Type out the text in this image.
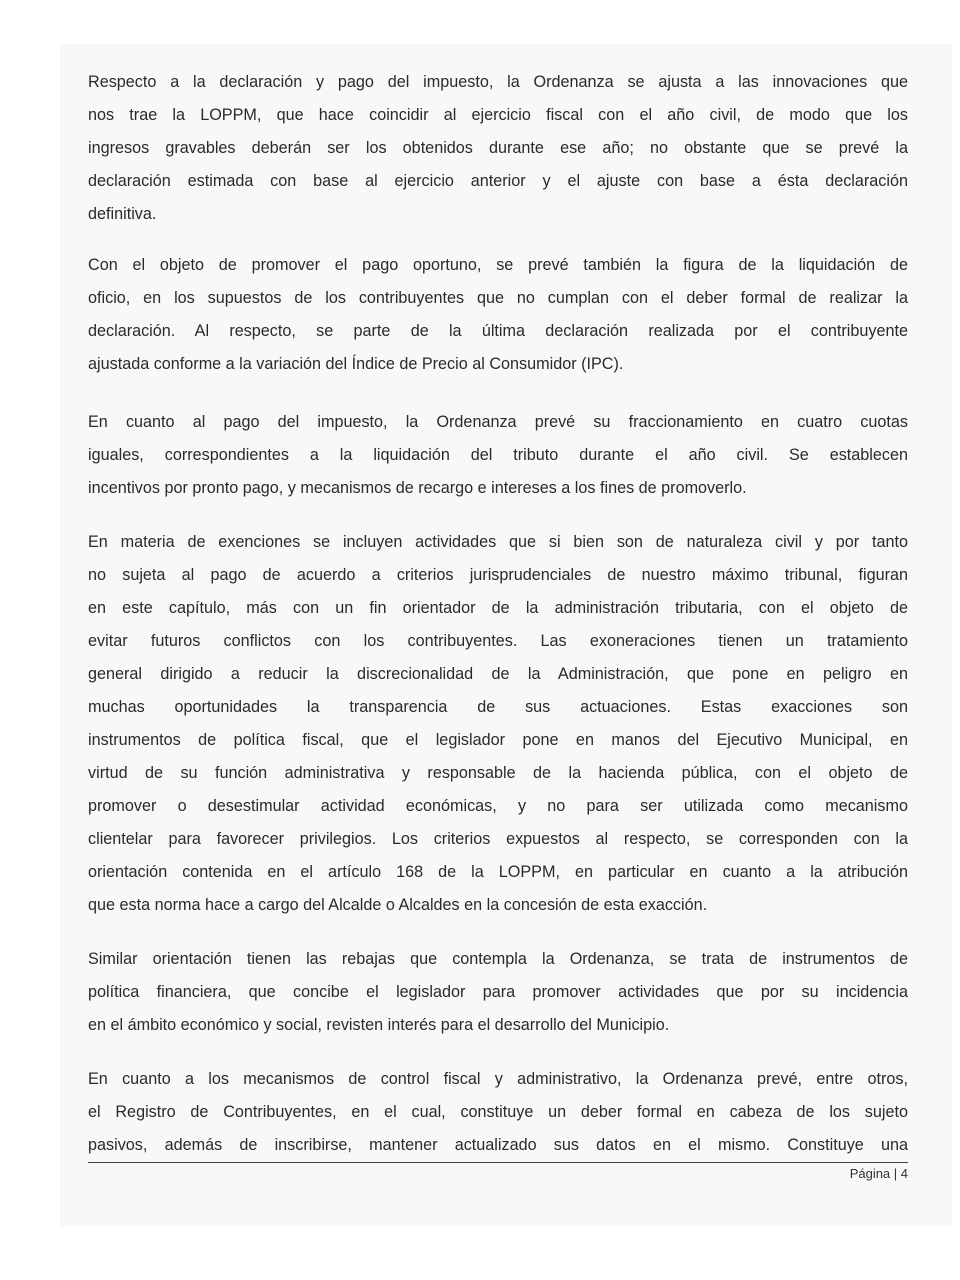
Respecto a la declaración y pago del impuesto, la Ordenanza se ajusta a las innovaciones que
nos trae la LOPPM, que hace coincidir al ejercicio fiscal con el año civil, de modo que los
ingresos gravables deberán ser los obtenidos durante ese año; no obstante que se prevé la
declaración estimada con base al ejercicio anterior y el ajuste con base a ésta declaración
definitiva.
Con el objeto de promover el pago oportuno, se prevé también la figura de la liquidación de
oficio, en los supuestos de los contribuyentes que no cumplan con el deber formal de realizar la
declaración. Al respecto, se parte de la última declaración realizada por el contribuyente
ajustada conforme a la variación del Índice de Precio al Consumidor (IPC).
En cuanto al pago del impuesto, la Ordenanza prevé su fraccionamiento en cuatro cuotas
iguales, correspondientes a la liquidación del tributo durante el año civil. Se establecen
incentivos por pronto pago, y mecanismos de recargo e intereses a los fines de promoverlo.
En materia de exenciones se incluyen actividades que si bien son de naturaleza civil y por tanto
no sujeta al pago de acuerdo a criterios jurisprudenciales de nuestro máximo tribunal, figuran
en este capítulo, más con un fin orientador de la administración tributaria, con el objeto de
evitar futuros conflictos con los contribuyentes. Las exoneraciones tienen un tratamiento
general dirigido a reducir la discrecionalidad de la Administración, que pone en peligro en
muchas oportunidades la transparencia de sus actuaciones. Estas exacciones son
instrumentos de política fiscal, que el legislador pone en manos del Ejecutivo Municipal, en
virtud de su función administrativa y responsable de la hacienda pública, con el objeto de
promover o desestimular actividad económicas, y no para ser utilizada como mecanismo
clientelar para favorecer privilegios. Los criterios expuestos al respecto, se corresponden con la
orientación contenida en el artículo 168 de la LOPPM, en particular en cuanto a la atribución
que esta norma hace a cargo del Alcalde o Alcaldes en la concesión de esta exacción.
Similar orientación tienen las rebajas que contempla la Ordenanza, se trata de instrumentos de
política financiera, que concibe el legislador para promover actividades que por su incidencia
en el ámbito económico y social, revisten interés para el desarrollo del Municipio.
En cuanto a los mecanismos de control fiscal y administrativo, la Ordenanza prevé, entre otros,
el Registro de Contribuyentes, en el cual, constituye un deber formal en cabeza de los sujeto
pasivos, además de inscribirse, mantener actualizado sus datos en el mismo. Constituye una
Página | 4
